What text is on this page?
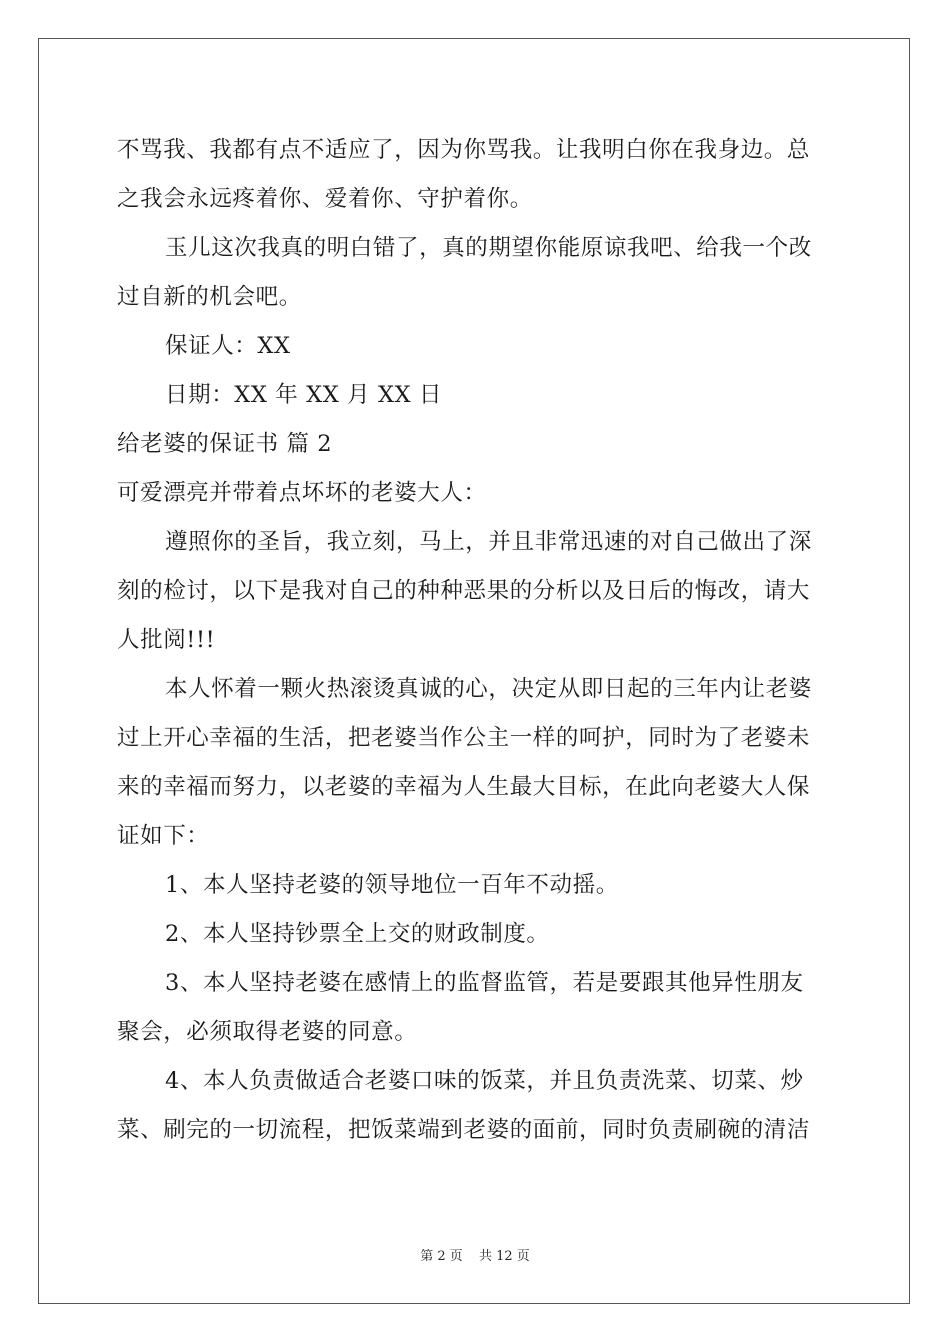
不骂我、我都有点不适应了，因为你骂我。让我明白你在我身边。总
之我会永远疼着你、爱着你、守护着你。
玉儿这次我真的明白错了，真的期望你能原谅我吧、给我一个改
过自新的机会吧。
保证人：XX
日期：XX 年 XX 月 XX 日
给老婆的保证书 篇 2
可爱漂亮并带着点坏坏的老婆大人：
遵照你的圣旨，我立刻，马上，并且非常迅速的对自己做出了深
刻的检讨，以下是我对自己的种种恶果的分析以及日后的悔改，请大
人批阅!!!
本人怀着一颗火热滚烫真诚的心，决定从即日起的三年内让老婆
过上开心幸福的生活，把老婆当作公主一样的呵护，同时为了老婆未
来的幸福而努力，以老婆的幸福为人生最大目标，在此向老婆大人保
证如下：
1、本人坚持老婆的领导地位一百年不动摇。
2、本人坚持钞票全上交的财政制度。
3、本人坚持老婆在感情上的监督监管，若是要跟其他异性朋友
聚会，必须取得老婆的同意。
4、本人负责做适合老婆口味的饭菜，并且负责洗菜、切菜、炒
菜、刷完的一切流程，把饭菜端到老婆的面前，同时负责刷碗的清洁
第 2 页 共 12 页
